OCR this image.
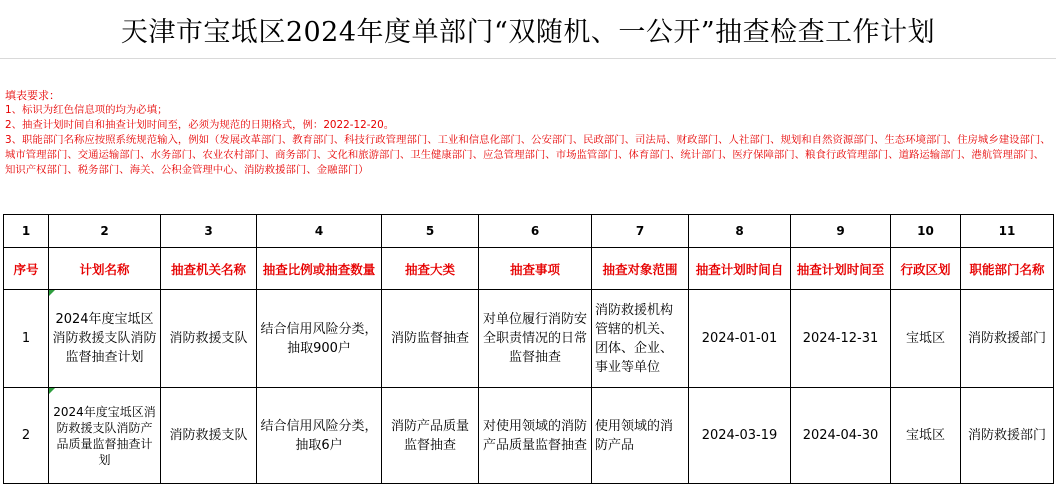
天津市宝坻区2024年度单部门“双随机、一公开”抽查检查工作计划
填表要求：
1、标识为红色信息项的均为必填；
2、抽查计划时间自和抽查计划时间至，必须为规范的日期格式，例：2022-12-20。
3、职能部门名称应按照系统规范输入，例如（发展改革部门、教育部门、科技行政管理部门、工业和信息化部门、公安部门、民政部门、司法局、财政部门、人社部门、规划和自然资源部门、生态环境部门、住房城乡建设部门、城市管理部门、交通运输部门、水务部门、农业农村部门、商务部门、文化和旅游部门、卫生健康部门、应急管理部门、市场监管部门、体育部门、统计部门、医疗保障部门、粮食行政管理部门、道路运输部门、港航管理部门、知识产权部门、税务部门、海关、公积金管理中心、消防救援部门、金融部门）
1	2	3	4	5	6	7	8	9	10	11
序号	计划名称	抽查机关名称	抽查比例或抽查数量	抽查大类	抽查事项	抽查对象范围	抽查计划时间自	抽查计划时间至	行政区划	职能部门名称
1	2024年度宝坻区消防救援支队消防监督抽查计划	消防救援支队	结合信用风险分类，抽取900户	消防监督抽查	对单位履行消防安全职责情况的日常监督抽查	消防救援机构管辖的机关、团体、企业、事业等单位	2024-01-01	2024-12-31	宝坻区	消防救援部门
2	2024年度宝坻区消防救援支队消防产品质量监督抽查计划	消防救援支队	结合信用风险分类，抽取6户	消防产品质量监督抽查	对使用领域的消防产品质量监督抽查	使用领域的消防产品	2024-03-19	2024-04-30	宝坻区	消防救援部门
